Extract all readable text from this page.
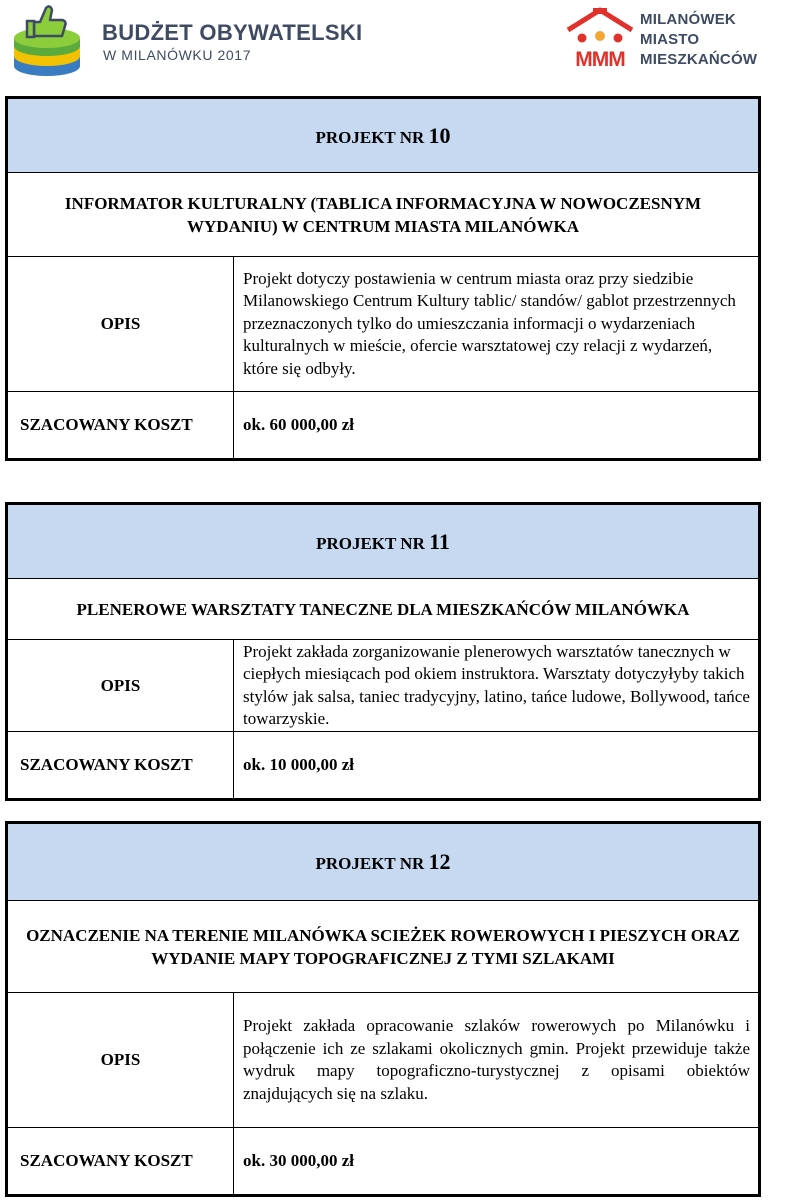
BUDŻET OBYWATELSKI
W MILANÓWKU 2017	MMM
MILANÓWEK
MIASTO
MIESZKAŃCÓW
PROJEKT NR 10	
INFORMATOR KULTURALNY (TABLICA INFORMACYJNA W NOWOCZESNYM WYDANIU) W CENTRUM MIASTA MILANÓWKA	
OPIS	Projekt dotyczy postawienia w centrum miasta oraz przy siedzibie Milanowskiego Centrum Kultury tablic/ standów/ gablot przestrzennych przeznaczonych tylko do umieszczania informacji o wydarzeniach kulturalnych w mieście, ofercie warsztatowej czy relacji z wydarzeń, które się odbyły.
SZACOWANY KOSZT	ok. 60 000,00 zł
PROJEKT NR 11	
PLENEROWE WARSZTATY TANECZNE DLA MIESZKAŃCÓW MILANÓWKA	
OPIS	Projekt zakłada zorganizowanie plenerowych warsztatów tanecznych w ciepłych miesiącach pod okiem instruktora. Warsztaty dotyczyłyby takich stylów jak salsa, taniec tradycyjny, latino, tańce ludowe, Bollywood, tańce towarzyskie.
SZACOWANY KOSZT	ok. 10 000,00 zł
PROJEKT NR 12	
OZNACZENIE NA TERENIE MILANÓWKA SCIEŻEK ROWEROWYCH I PIESZYCH ORAZ WYDANIE MAPY TOPOGRAFICZNEJ Z TYMI SZLAKAMI	
OPIS	Projekt zakłada opracowanie szlaków rowerowych po Milanówku i połączenie ich ze szlakami okolicznych gmin. Projekt przewiduje także wydruk mapy topograficzno-turystycznej z opisami obiektów znajdujących się na szlaku.
SZACOWANY KOSZT	ok. 30 000,00 zł
